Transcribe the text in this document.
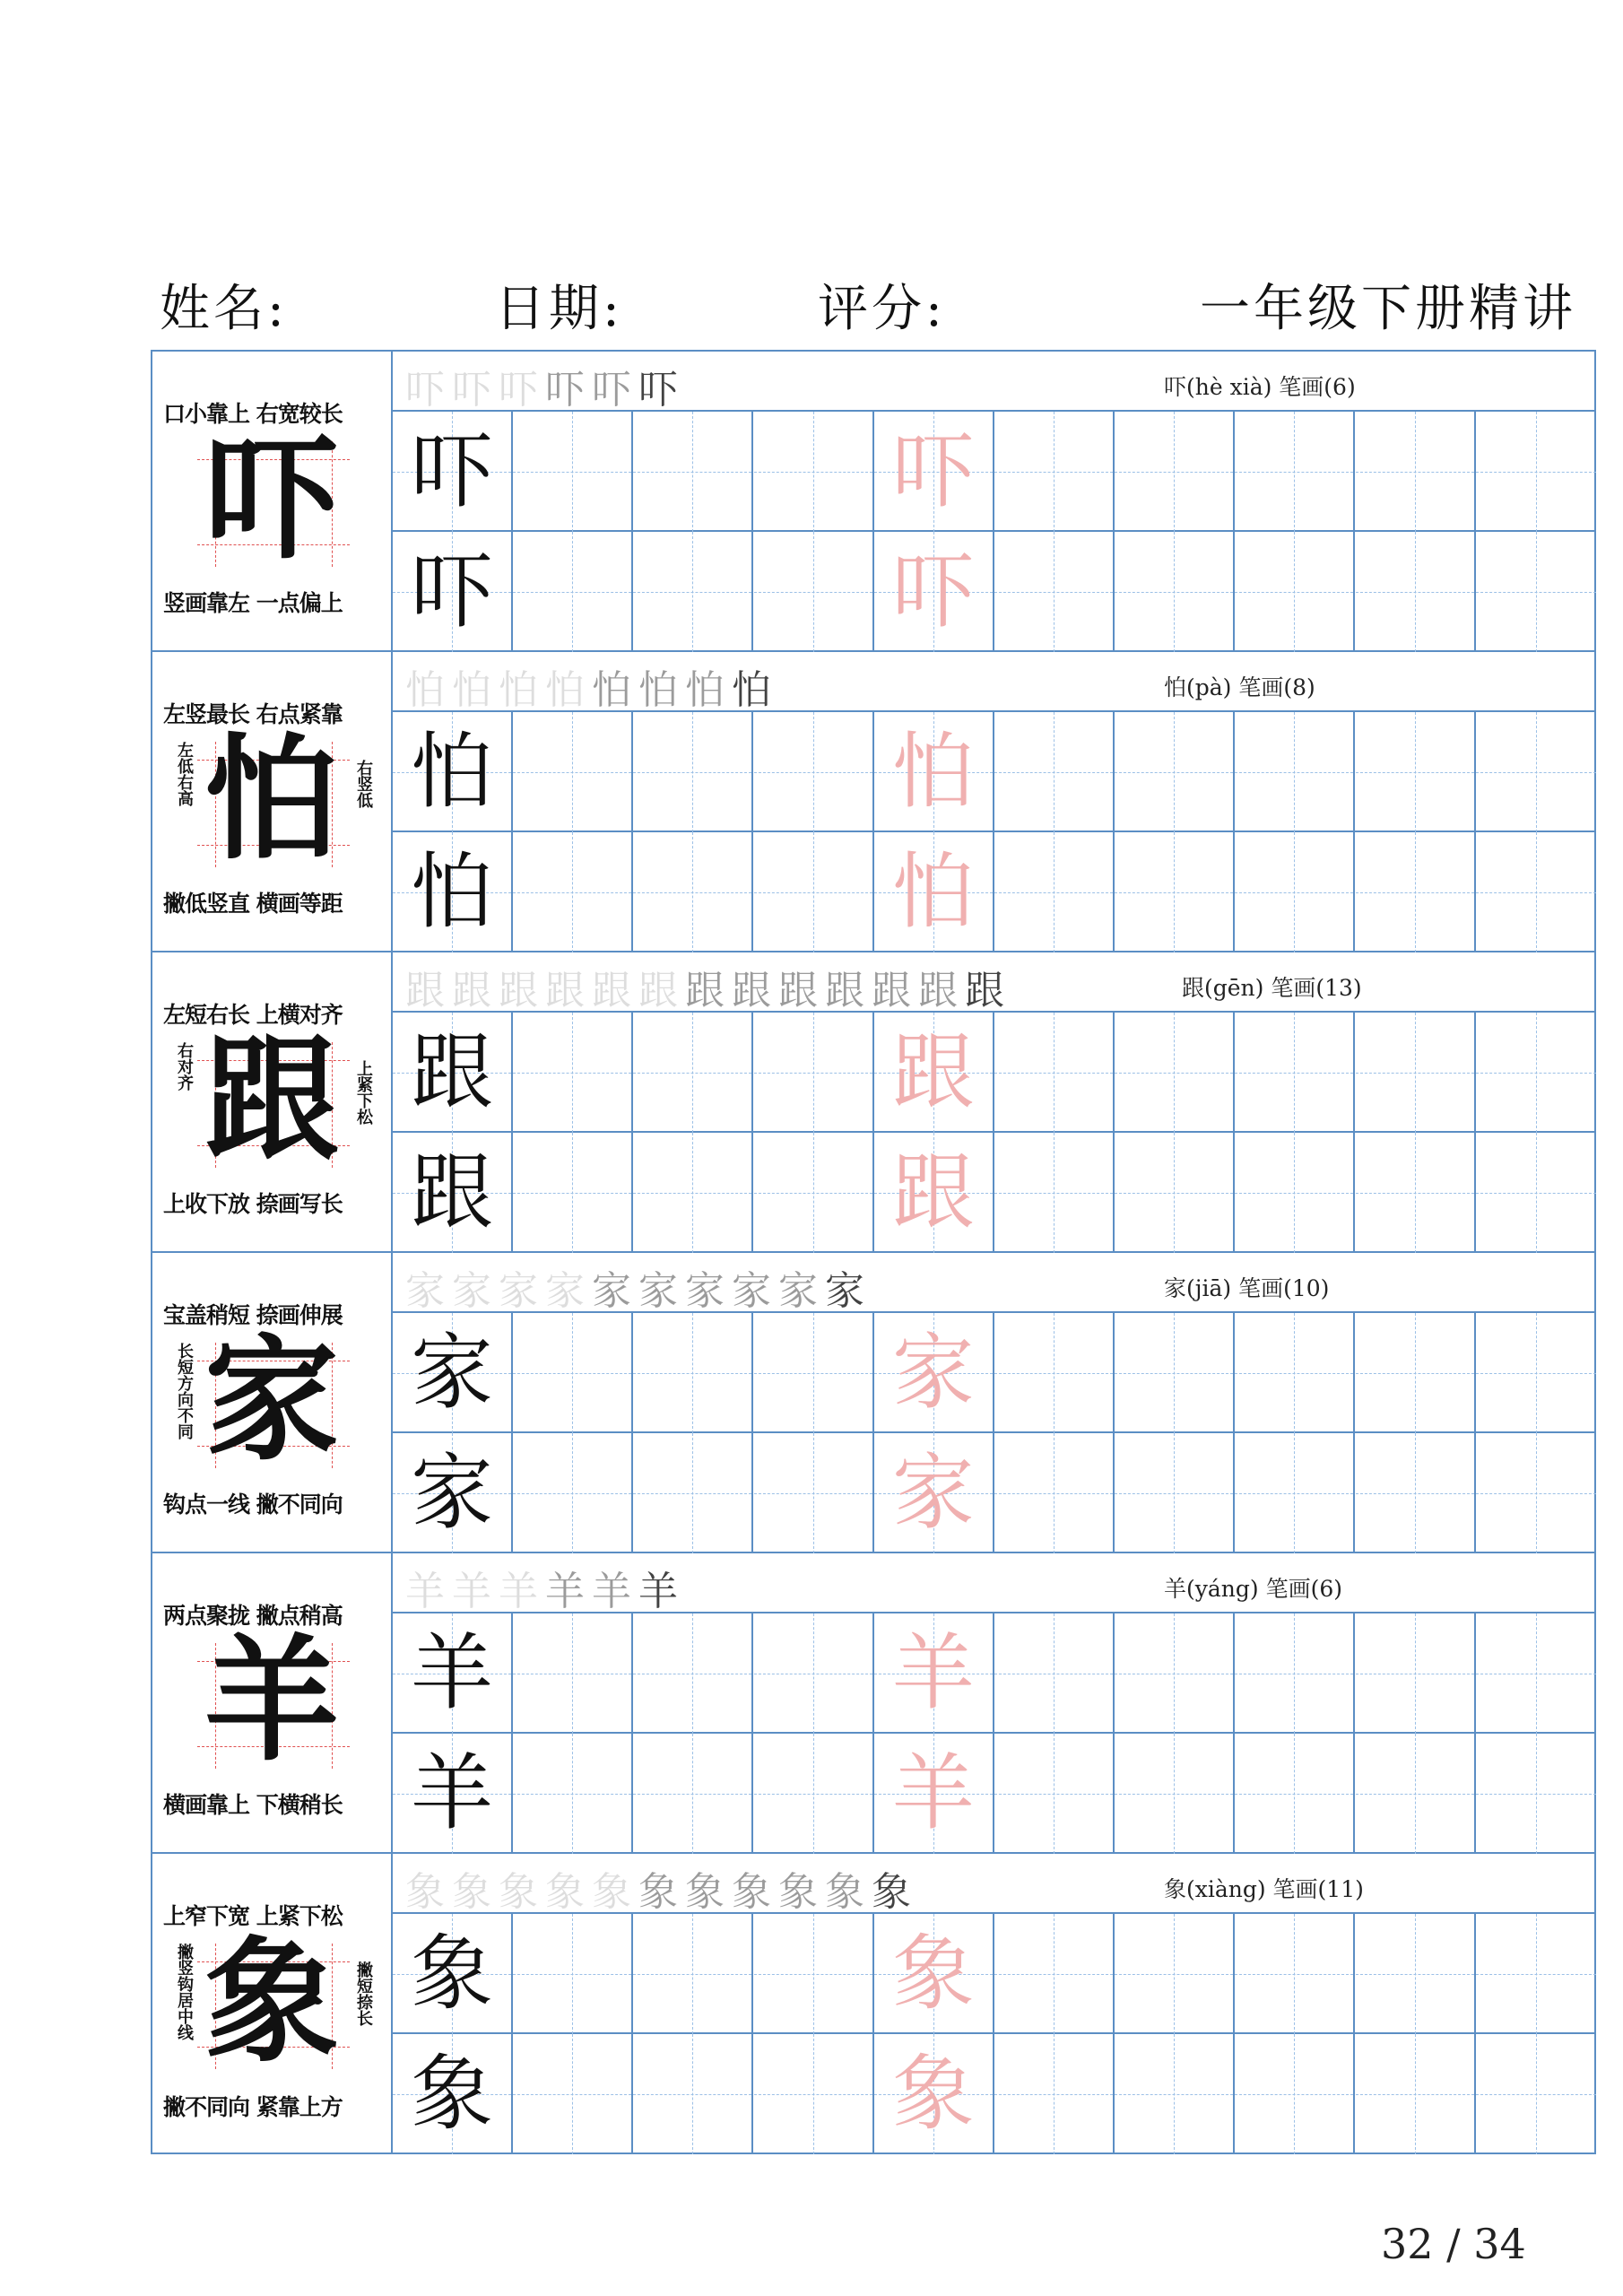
姓名:	日期:	评分:	一年级下册精讲
口小靠上 右宽较长
吓
竖画靠左 一点偏上
吓吓吓吓吓吓	吓(hè xià) 笔画(6)
吓	吓
吓	吓
左竖最长 右点紧靠
怕
左低右高	右竖低
撇低竖直 横画等距
怕怕怕怕怕怕怕怕	怕(pà) 笔画(8)
怕	怕
怕	怕
左短右长 上横对齐
跟
右对齐	上紧下松
上收下放 捺画写长
跟跟跟跟跟跟跟跟跟跟跟跟跟	跟(gēn) 笔画(13)
跟	跟
跟	跟
宝盖稍短 捺画伸展
家
长短方向不同
钩点一线 撇不同向
家家家家家家家家家家	家(jiā) 笔画(10)
家	家
家	家
两点聚拢 撇点稍高
羊
横画靠上 下横稍长
羊羊羊羊羊羊	羊(yáng) 笔画(6)
羊	羊
羊	羊
上窄下宽 上紧下松
象
撇竖钩居中线	撇短捺长
撇不同向 紧靠上方
象象象象象象象象象象象	象(xiàng) 笔画(11)
象	象
象	象
32 / 34
